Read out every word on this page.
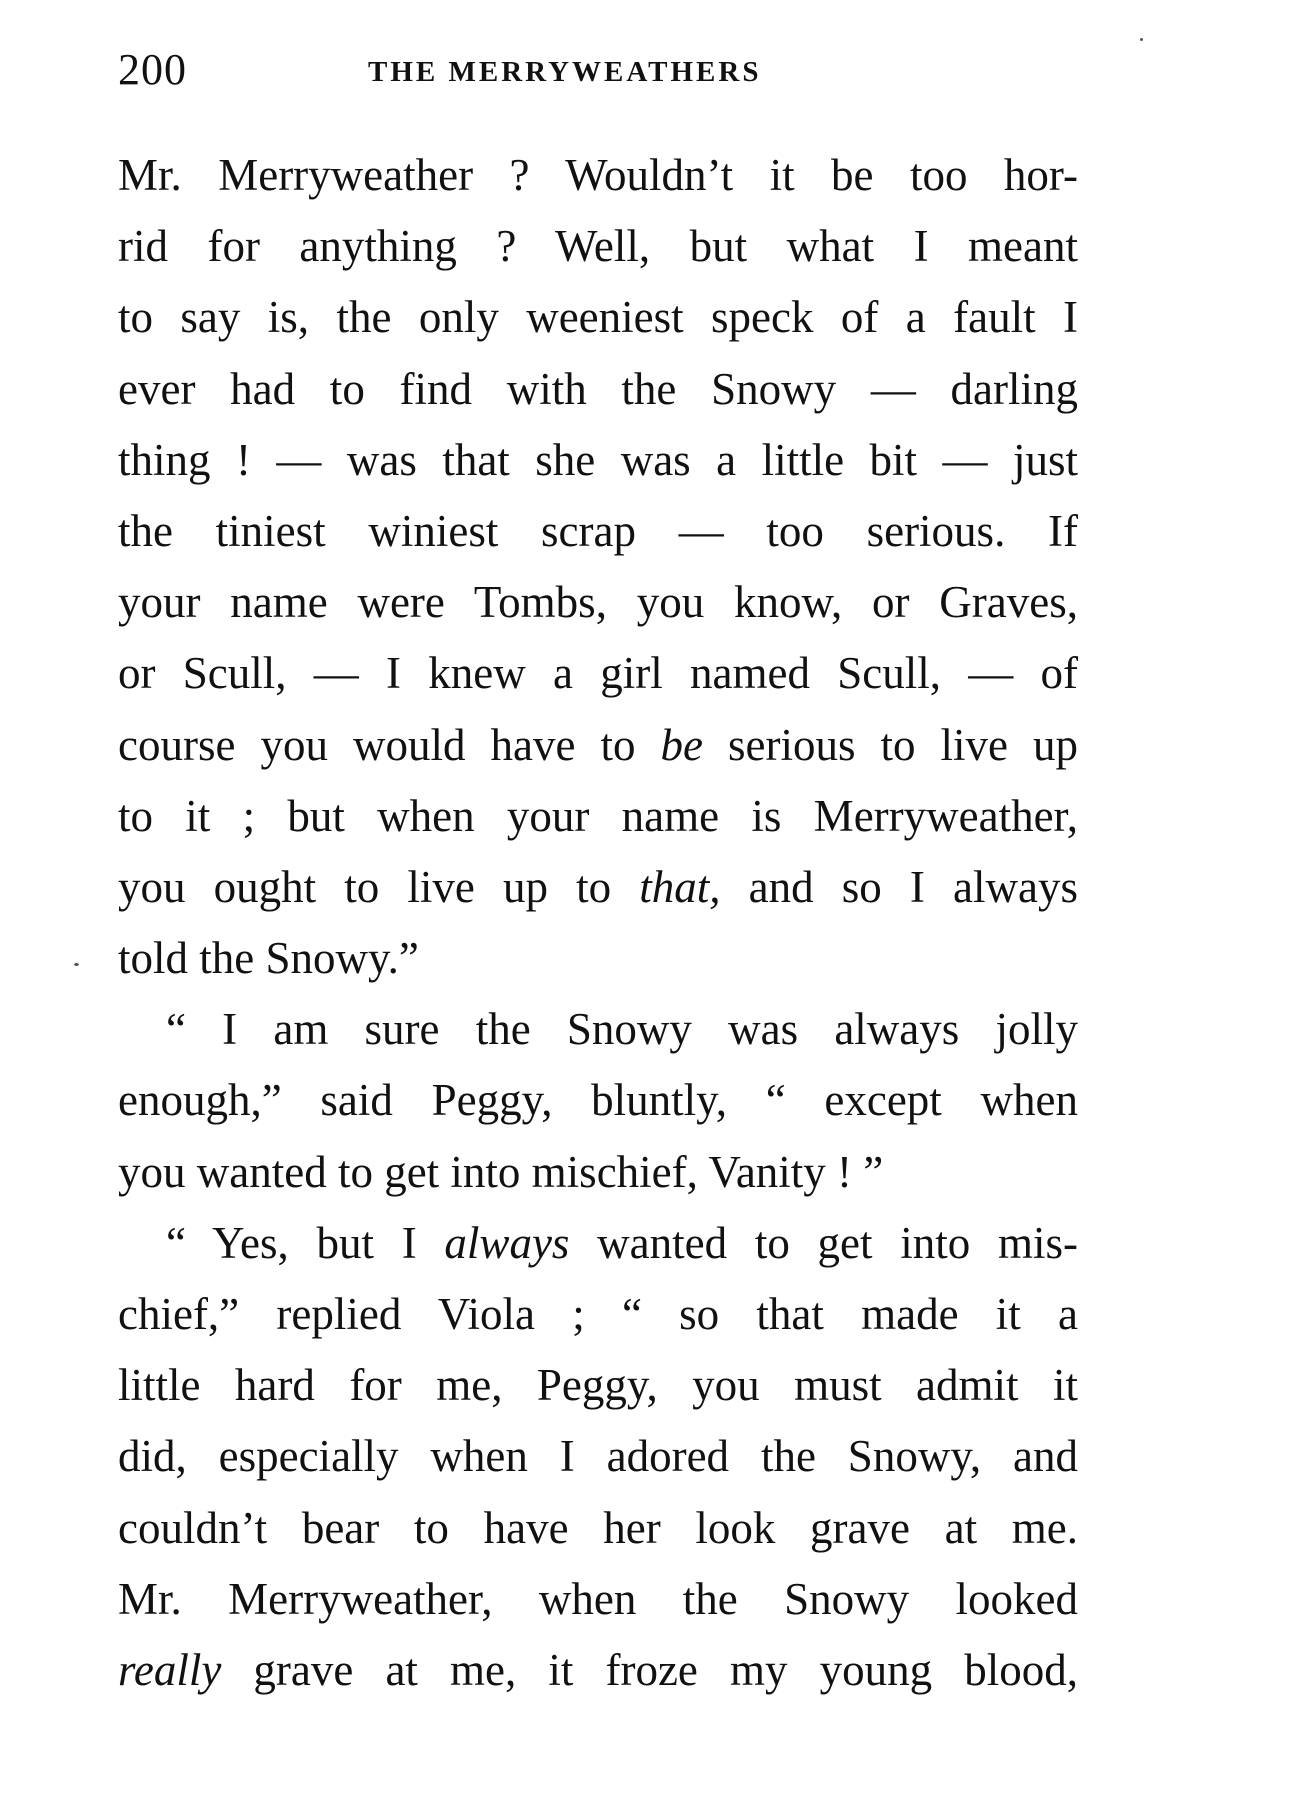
200	THE MERRYWEATHERS
Mr. Merryweather ? Wouldn’t it be too hor-
rid for anything ? Well, but what I meant
to say is, the only weeniest speck of a fault I
ever had to find with the Snowy — darling
thing ! — was that she was a little bit — just
the tiniest winiest scrap — too serious. If
your name were Tombs, you know, or Graves,
or Scull, — I knew a girl named Scull, — of
course you would have to be serious to live up
to it ; but when your name is Merryweather,
you ought to live up to that, and so I always
told the Snowy.”
“ I am sure the Snowy was always jolly
enough,” said Peggy, bluntly, “ except when
you wanted to get into mischief, Vanity ! ”
“ Yes, but I always wanted to get into mis-
chief,” replied Viola ; “ so that made it a
little hard for me, Peggy, you must admit it
did, especially when I adored the Snowy, and
couldn’t bear to have her look grave at me.
Mr. Merryweather, when the Snowy looked
really grave at me, it froze my young blood,
